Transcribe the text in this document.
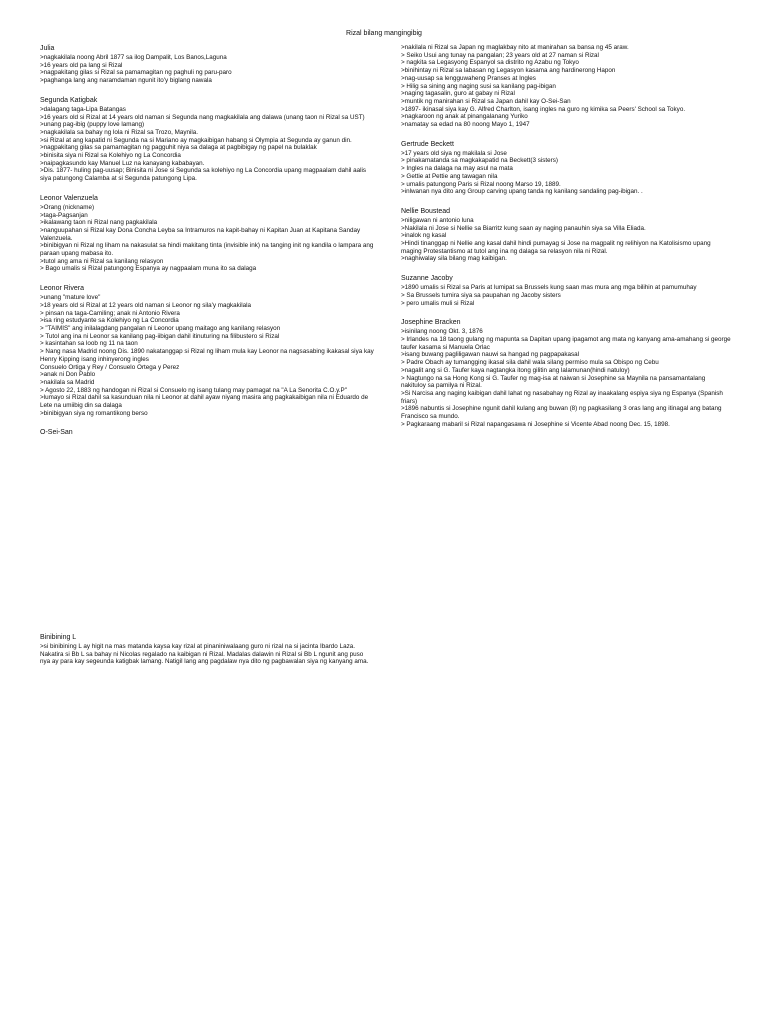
Rizal bilang mangingibig
Julia
>nagkakilala noong Abril 1877 sa ilog Dampalit, Los Banos,Laguna
>16 years old pa lang si Rizal
>nagpakitang gilas si Rizal sa pamamagitan ng paghuli ng paru-paro
>paghanga lang ang naramdaman ngunit ito'y biglang nawala
Segunda Katigbak
>dalagang taga-Lipa Batangas
>16 years old si Rizal at 14 years old naman si Segunda nang magkakilala ang dalawa (unang taon ni Rizal sa UST)
>unang pag-ibig (puppy love lamang)
>nagkakilala sa bahay ng lola ni Rizal sa Trozo, Maynila.
>si Rizal at ang kapatid ni Segunda na si Mariano ay magkaibigan habang si Olympia at Segunda ay ganun din.
>nagpakitang gilas sa pamamagitan ng pagguhit niya sa dalaga at pagbibigay ng papel na bulaklak
>binisita siya ni Rizal sa Kolehiyo ng La Concordia
>naipagkasundo kay Manuel Luz na kanayang kababayan.
>Dis. 1877- huling pag-uusap; Binisita ni Jose si Segunda sa kolehiyo ng La Concordia upang magpaalam dahil aalis siya patungong Calamba at si Segunda patungong Lipa.
Leonor Valenzuela
>Orang (nickname)
>taga-Pagsanjan
>ikalawang taon ni Rizal nang pagkakilala
>nanguupahan si Rizal kay Dona Concha Leyba sa Intramuros na kapit-bahay ni Kapitan Juan at Kapitana Sanday Valenzuela.
>binibigyan ni Rizal ng liham na nakasulat sa hindi makitang tinta (invisible ink) na tanging init ng kandila o lampara ang paraan upang mabasa ito.
>tutol ang ama ni Rizal sa kanilang relasyon
> Bago umalis si Rizal patungong Espanya ay nagpaalam muna ito sa dalaga
Leonor Rivera
>unang "mature love"
>18 years old si Rizal at 12 years old naman si Leonor ng sila'y magkakilala
> pinsan na taga-Camiling; anak ni Antonio Rivera
>isa ring estudyante sa Kolehiyo ng La Concordia
> "TAIMIS" ang inilalagdang pangalan ni Leonor upang maitago ang kanilang relasyon
> Tutol ang ina ni Leonor sa kanilang pag-iibigan dahil itinuturing na filibustero si Rizal
> kasintahan sa loob ng 11 na taon
> Nang nasa Madrid noong Dis. 1890 nakatanggap si Rizal ng liham mula kay Leonor na nagsasabing ikakasal siya kay Henry Kipping isang inhinyerong ingles
Consuelo Ortiga y Rey / Consuelo Ortega y Perez
>anak ni Don Pablo
>nakilala sa Madrid
> Agosto 22, 1883 ng handogan ni Rizal si Consuelo ng isang tulang may pamagat na "A La Senorita C.O.y.P"
>lumayo si Rizal dahil sa kasunduan nila ni Leonor at dahil ayaw niyang masira ang pagkakaibigan nila ni Eduardo de Lete na umiibig din sa dalaga
>binibigyan siya ng romantikong berso
O-Sei-San
Binibining L
>si binibining L ay higit na mas matanda kaysa kay rizal at pinaniniwalaang guro ni rizal na si jacinta Ibardo Laza. Nakatira si Bb L sa bahay ni Nicolas regalado na kaibigan ni Rizal. Madalas dalawin ni Rizal si Bb L ngunit ang puso nya ay para kay segeunda katigbak lamang. Natigil lang ang pagdalaw nya dito ng pagbawalan siya ng kanyang ama.
>nakilala ni Rizal sa Japan ng maglakbay nito at manirahan sa bansa ng 45 araw.
> Seiko Usui ang tunay na pangalan; 23 years old at 27 naman si Rizal
> nagkita sa Legasyong Espanyol sa distrito ng Azabu ng Tokyo
>binihintay ni Rizal sa labasan ng Legasyon kasama ang hardinerong Hapon
>nag-uusap sa lengguwaheng Pranses at Ingles
> Hilig sa sining ang naging susi sa kanilang pag-ibigan
>naging tagasalin, guro at gabay ni Rizal
>muntik ng manirahan si Rizal sa Japan dahil kay O-Sei-San
>1897- ikinasal siya kay G. Alfred Charlton, isang ingles na guro ng kimika sa Peers' School sa Tokyo.
>nagkaroon ng anak at pinangalanang Yuriko
>namatay sa edad na 80 noong Mayo 1, 1947
Gertrude Beckett
>17 years old siya ng makilala si Jose
> pinakamatanda sa magkakapatid na Beckett(3 sisters)
> Ingles na dalaga na may asul na mata
> Gettie at Pettie ang tawagan nila
> umalis patungong Paris si Rizal noong Marso 19, 1889.
>inlwanan nya dito ang Group carving upang tanda ng kanilang sandaling pag-ibigan. .
Nellie Boustead
>niligawan ni antonio luna
>Nakilala ni Jose si Nellie sa Biarritz kung saan ay naging panauhin siya sa Villa Eliada.
>inalok ng kasal
>Hindi tinanggap ni Nellie ang kasal dahil hindi pumayag si Jose na magpalit ng relihiyon na Katolisismo upang maging Protestantismo at tutol ang ina ng dalaga sa relasyon nila ni Rizal.
>naghiwalay sila bilang mag kaibigan.
Suzanne Jacoby
>1890 umalis si Rizal sa Paris at lumipat sa Brussels kung saan mas mura ang mga bilihin at pamumuhay
> Sa Brussels tumira siya sa paupahan ng Jacoby sisters
> pero umalis muli si Rizal
Josephine Bracken
>isinilang noong Okt. 3, 1876
> Irlandes na 18 taong gulang ng mapunta sa Dapitan upang ipagamot ang mata ng kanyang ama-amahang si george taufer kasama si Manuela Orlac
>isang buwang pagliligawan nauwi sa hangad ng pagpapakasal
> Padre Obach ay tumangging ikasal sila dahil wala silang permiso mula sa Obispo ng Cebu
>nagalit ang si G. Taufer kaya nagtangka itong gilitin ang lalamunan(hindi natuloy)
> Nagtungo na sa Hong Kong si G. Taufer ng mag-isa at naiwan si Josephine sa Maynila na pansamantalang nakituloy sa pamilya ni Rizal.
>Si Narcisa ang naging kaibigan dahil lahat ng nasabahay ng Rizal ay inaakalang espiya siya ng Espanya (Spanish friars)
>1896 nabuntis si Josephine ngunit dahil kulang ang buwan (8) ng pagkasilang 3 oras lang ang itinagal ang batang Francisco sa mundo.
> Pagkaraang mabaril si Rizal napangasawa ni Josephine si Vicente Abad noong Dec. 15, 1898.
